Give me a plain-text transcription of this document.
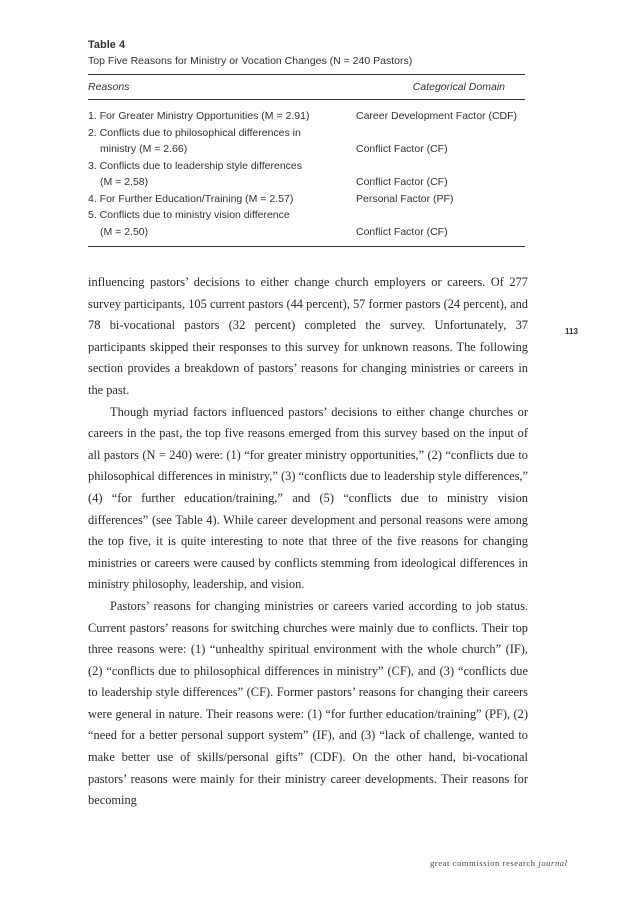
Table 4
Top Five Reasons for Ministry or Vocation Changes (N = 240 Pastors)
Reasons	Categorical Domain
1. For Greater Ministry Opportunities (M = 2.91)	Career Development Factor (CDF)
2. Conflicts due to philosophical differences in
ministry (M = 2.66)	Conflict Factor (CF)
3. Conflicts due to leadership style differences
(M = 2.58)	Conflict Factor (CF)
4. For Further Education/Training (M = 2.57)	Personal Factor (PF)
5. Conflicts due to ministry vision difference
(M = 2.50)	Conflict Factor (CF)

influencing pastors’ decisions to either change church employers or careers. Of 277 survey participants, 105 current pastors (44 percent), 57 former pastors (24 percent), and 78 bi-vocational pastors (32 percent) completed the survey. Unfortunately, 37 participants skipped their responses to this survey for unknown reasons. The following section provides a breakdown of pastors’ reasons for changing ministries or careers in the past.

Though myriad factors influenced pastors’ decisions to either change churches or careers in the past, the top five reasons emerged from this survey based on the input of all pastors (N = 240) were: (1) “for greater ministry opportunities,” (2) “conflicts due to philosophical differences in ministry,” (3) “conflicts due to leadership style differences,” (4) “for further education/training,” and (5) “conflicts due to ministry vision differences” (see Table 4). While career development and personal reasons were among the top five, it is quite interesting to note that three of the five reasons for changing ministries or careers were caused by conflicts stemming from ideological differences in ministry philosophy, leadership, and vision.

Pastors’ reasons for changing ministries or careers varied according to job status. Current pastors’ reasons for switching churches were mainly due to conflicts. Their top three reasons were: (1) “unhealthy spiritual environment with the whole church” (IF), (2) “conflicts due to philosophical differences in ministry” (CF), and (3) “conflicts due to leadership style differences” (CF). Former pastors’ reasons for changing their careers were general in nature. Their reasons were: (1) “for further education/training” (PF), (2) “need for a better personal support system” (IF), and (3) “lack of challenge, wanted to make better use of skills/personal gifts” (CDF). On the other hand, bi-vocational pastors’ reasons were mainly for their ministry career developments. Their reasons for becoming

113
great commission research journal
